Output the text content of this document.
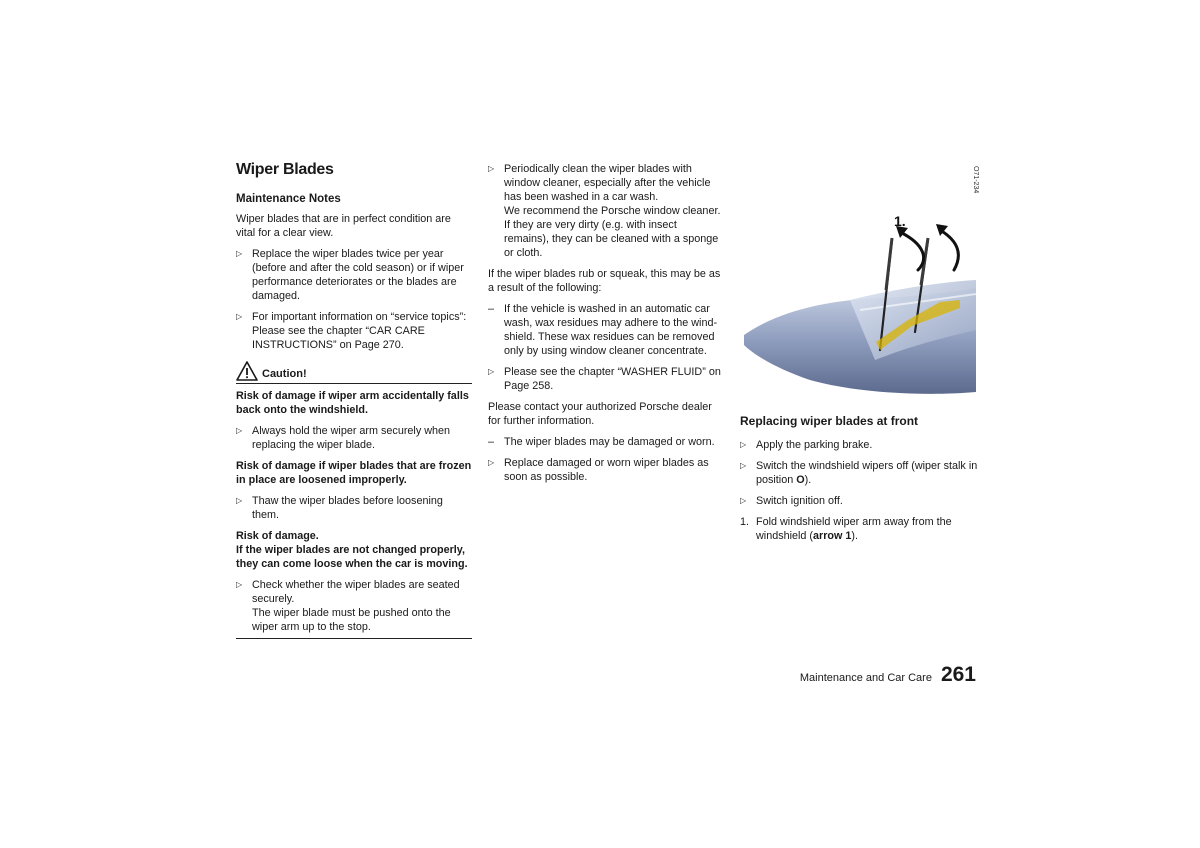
Wiper Blades
Maintenance Notes

Wiper blades that are in perfect condition are vital for a clear view.

▷ Replace the wiper blades twice per year (before and after the cold season) or if wiper performance deteriorates or the blades are damaged.
▷ For important information on “service topics”: Please see the chapter “CAR CARE INSTRUCTIONS” on Page 270.
Caution!

Risk of damage if wiper arm accidentally falls back onto the windshield.

▷ Always hold the wiper arm securely when replacing the wiper blade.

Risk of damage if wiper blades that are frozen in place are loosened improperly.

▷ Thaw the wiper blades before loosening them.

Risk of damage.

If the wiper blades are not changed properly, they can come loose when the car is moving.

▷ Check whether the wiper blades are seated securely.
The wiper blade must be pushed onto the wiper arm up to the stop.
▷ Periodically clean the wiper blades with window cleaner, especially after the vehicle has been washed in a car wash.
We recommend the Porsche window cleaner. If they are very dirty (e.g. with insect remains), they can be cleaned with a sponge or cloth.

If the wiper blades rub or squeak, this may be as a result of the following:

– If the vehicle is washed in an automatic car wash, wax residues may adhere to the wind-shield. These wax residues can be removed only by using window cleaner concentrate.
▷ Please see the chapter “WASHER FLUID” on Page 258.

Please contact your authorized Porsche dealer for further information.

– The wiper blades may be damaged or worn.
▷ Replace damaged or worn wiper blades as soon as possible.
1.
O71-234
Replacing wiper blades at front
▷ Apply the parking brake.
▷ Switch the windshield wipers off (wiper stalk in position O).
▷ Switch ignition off.
1. Fold windshield wiper arm away from the windshield (arrow 1).
Maintenance and Car Care 261
